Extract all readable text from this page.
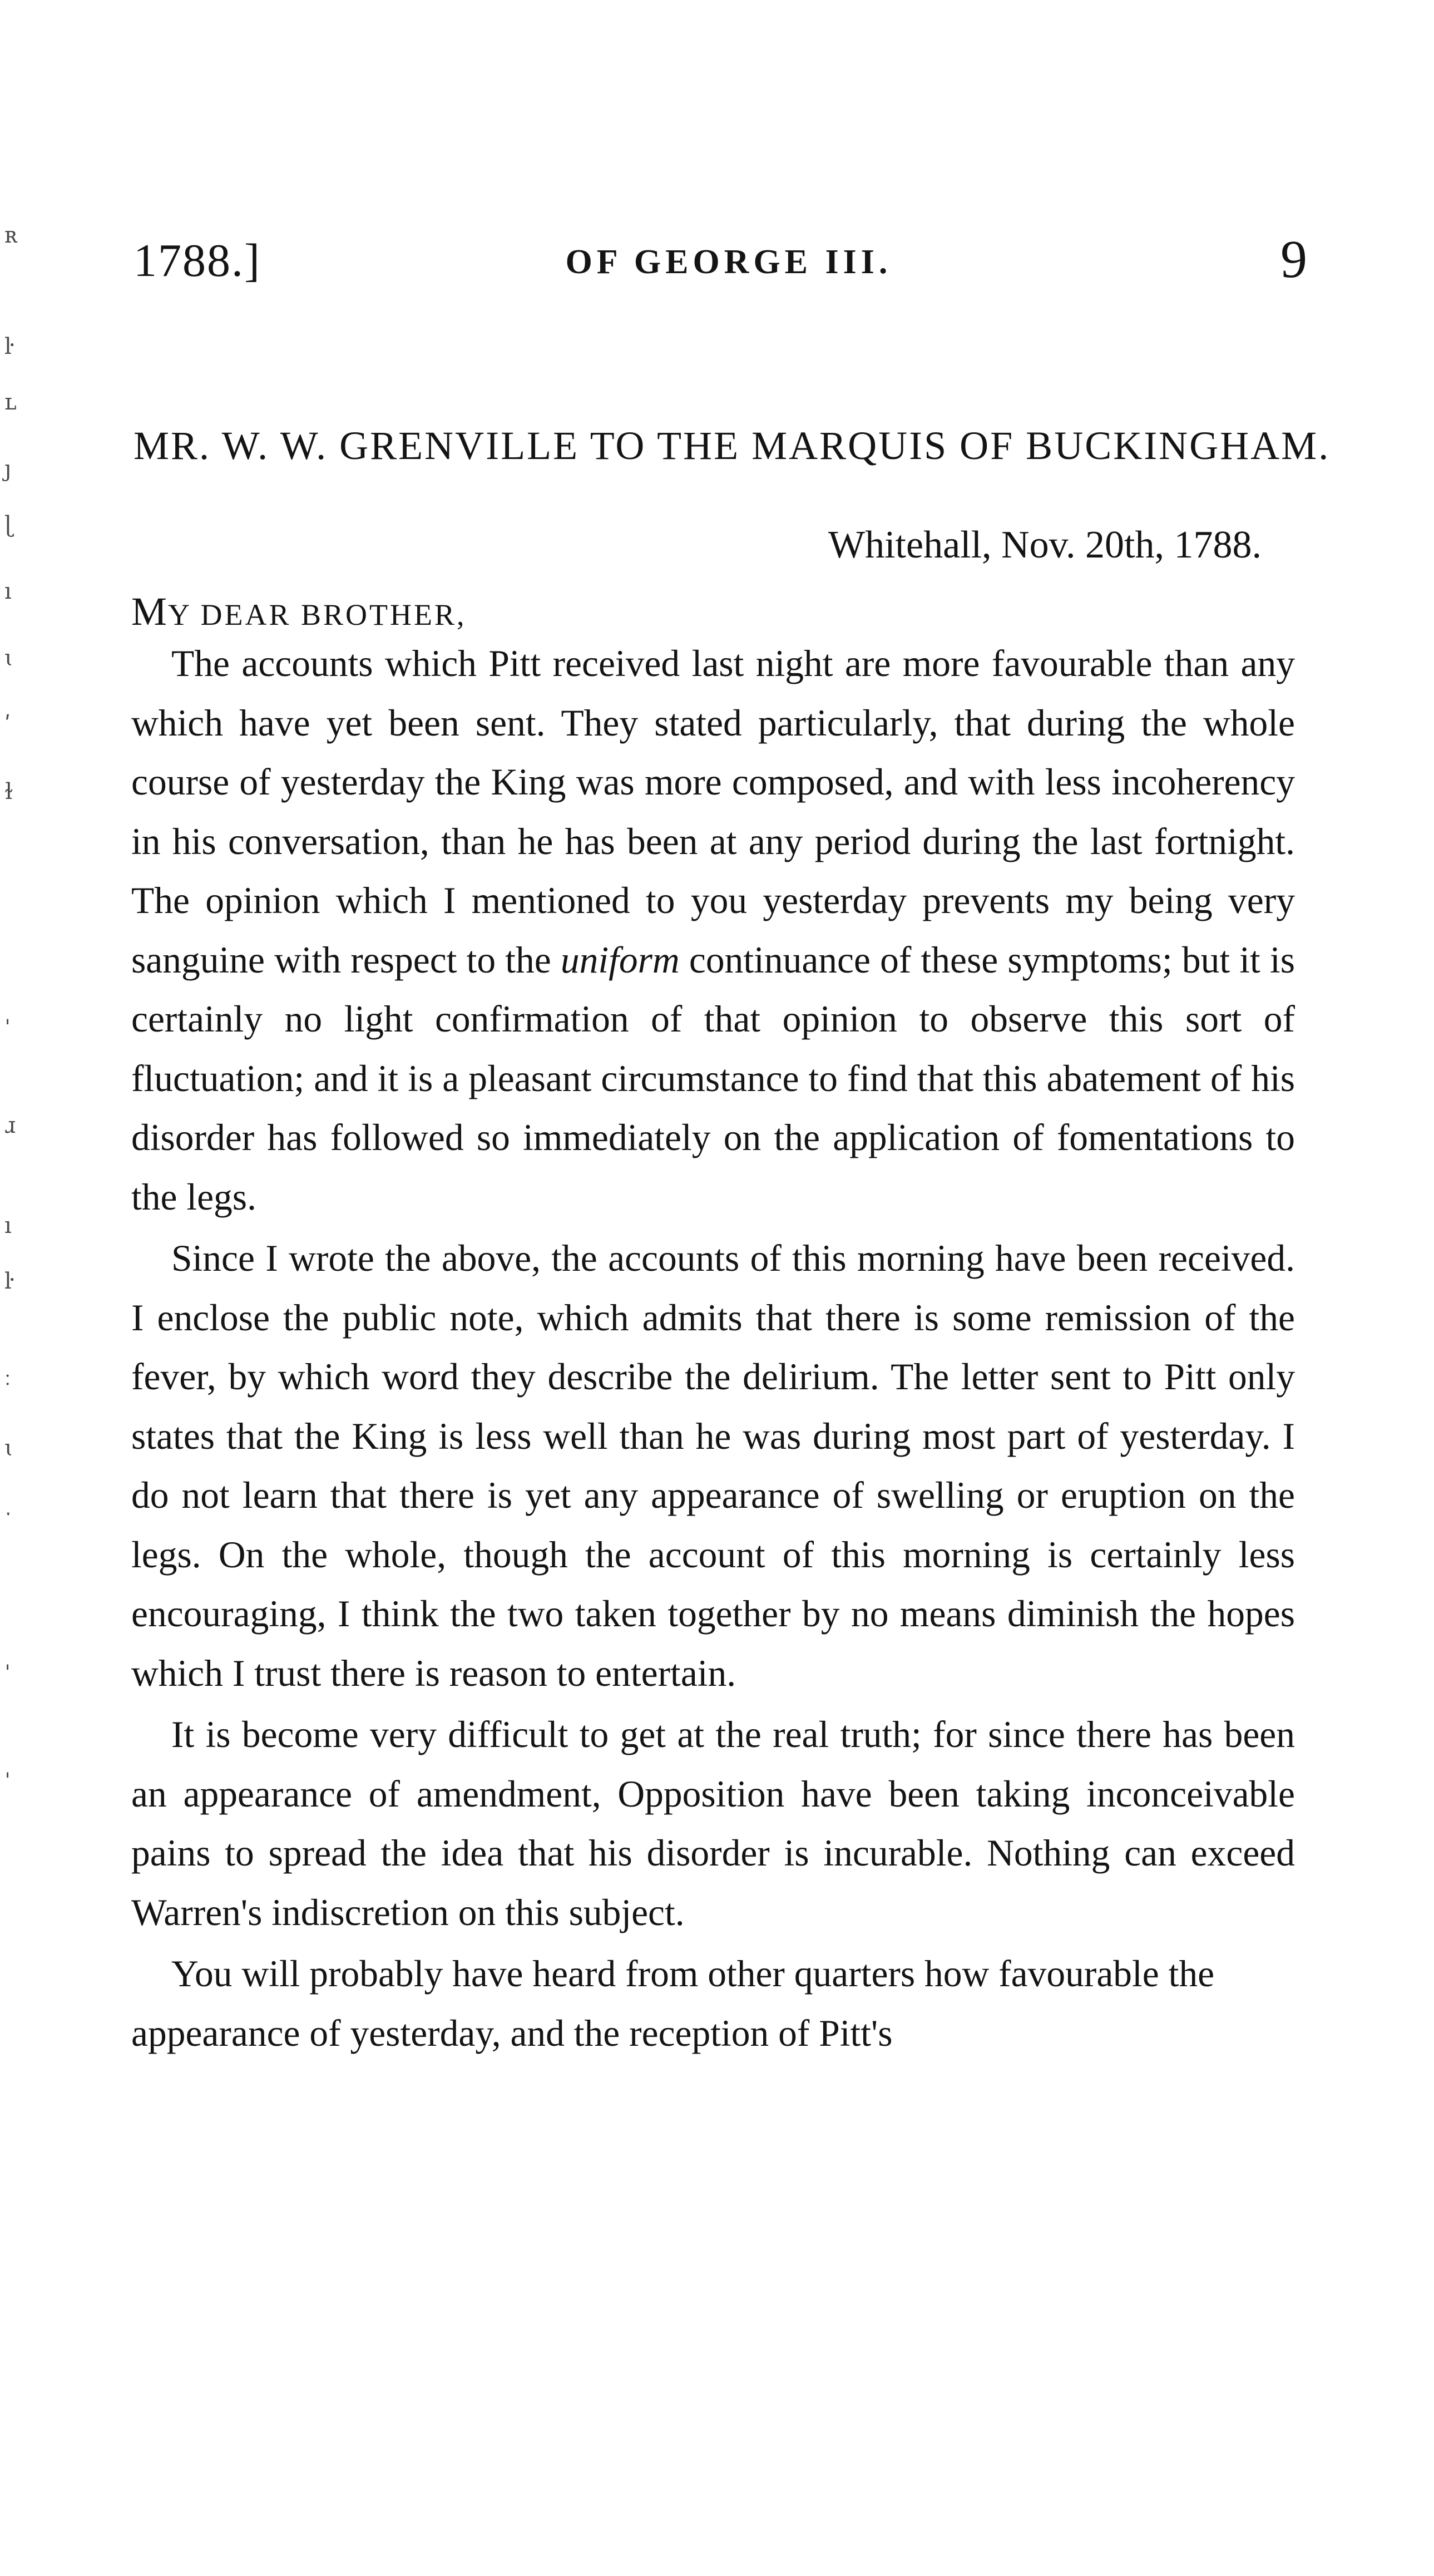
ʀ
ŀ
ʟ
ȷ
ɭ
ı
ɩ
ʹ
ɫ
ˌ
ɹ
ı
ŀ
˸
ɩ
ˑ
ˌ
ˈ
1788.]	OF GEORGE III.	9
MR. W. W. GRENVILLE TO THE MARQUIS OF BUCKINGHAM.
Whitehall, Nov. 20th, 1788.
MY DEAR BROTHER,

The accounts which Pitt received last night are more favourable than any which have yet been sent. They stated particularly, that during the whole course of yesterday the King was more composed, and with less incoherency in his conversation, than he has been at any period during the last fortnight. The opinion which I mentioned to you yesterday prevents my being very sanguine with respect to the uniform continuance of these symptoms; but it is certainly no light confirmation of that opinion to observe this sort of fluctuation; and it is a pleasant circumstance to find that this abatement of his disorder has followed so immediately on the application of fomentations to the legs.

Since I wrote the above, the accounts of this morning have been received. I enclose the public note, which admits that there is some remission of the fever, by which word they describe the delirium. The letter sent to Pitt only states that the King is less well than he was during most part of yesterday. I do not learn that there is yet any appearance of swelling or eruption on the legs. On the whole, though the account of this morning is certainly less encouraging, I think the two taken together by no means diminish the hopes which I trust there is reason to entertain.

It is become very difficult to get at the real truth; for since there has been an appearance of amendment, Opposition have been taking inconceivable pains to spread the idea that his disorder is incurable. Nothing can exceed Warren's indiscretion on this subject.

You will probably have heard from other quarters how favourable the appearance of yesterday, and the reception of Pitt's
